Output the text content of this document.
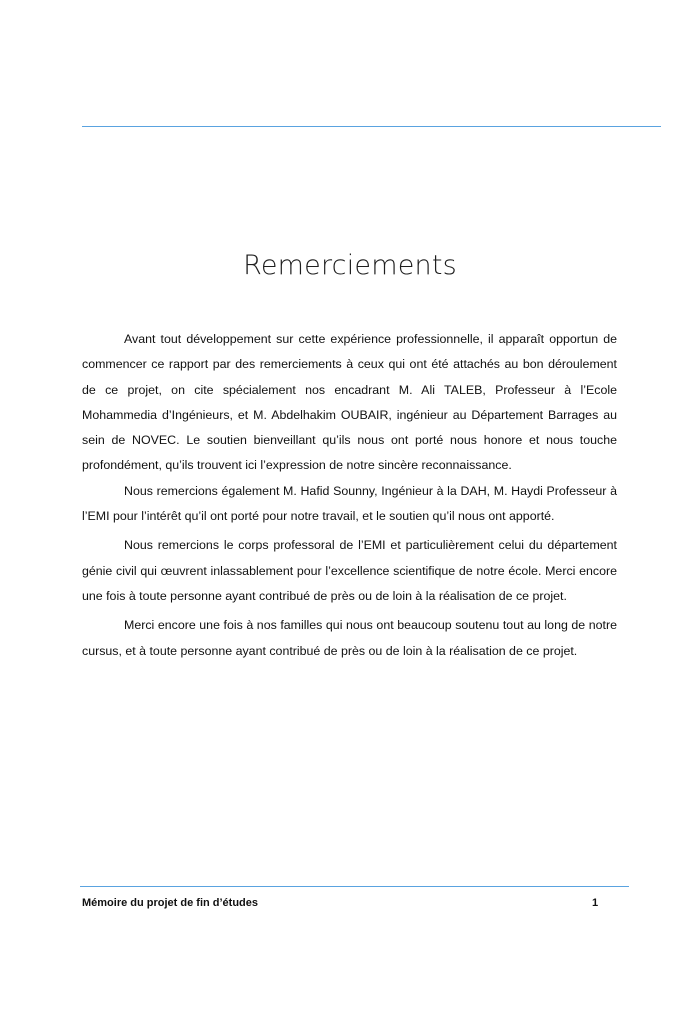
Remerciements

Avant tout développement sur cette expérience professionnelle, il apparaît opportun de commencer ce rapport par des remerciements à ceux qui ont été attachés au bon déroulement de ce projet, on cite spécialement nos encadrant M. Ali TALEB, Professeur à l’Ecole Mohammedia d’Ingénieurs, et M. Abdelhakim OUBAIR, ingénieur au Département Barrages au sein de NOVEC. Le soutien bienveillant qu’ils nous ont porté nous honore et nous touche profondément, qu’ils trouvent ici l’expression de notre sincère reconnaissance.

Nous remercions également M. Hafid Sounny, Ingénieur à la DAH, M. Haydi Professeur à l’EMI pour l’intérêt qu’il ont porté pour notre travail, et le soutien qu’il nous ont apporté.

Nous remercions le corps professoral de l’EMI et particulièrement celui du département génie civil qui œuvrent inlassablement pour l’excellence scientifique de notre école. Merci encore une fois à toute personne ayant contribué de près ou de loin à la réalisation de ce projet.

Merci encore une fois à nos familles qui nous ont beaucoup soutenu tout au long de notre cursus, et à toute personne ayant contribué de près ou de loin à la réalisation de ce projet.

Mémoire du projet de fin d’études	1
